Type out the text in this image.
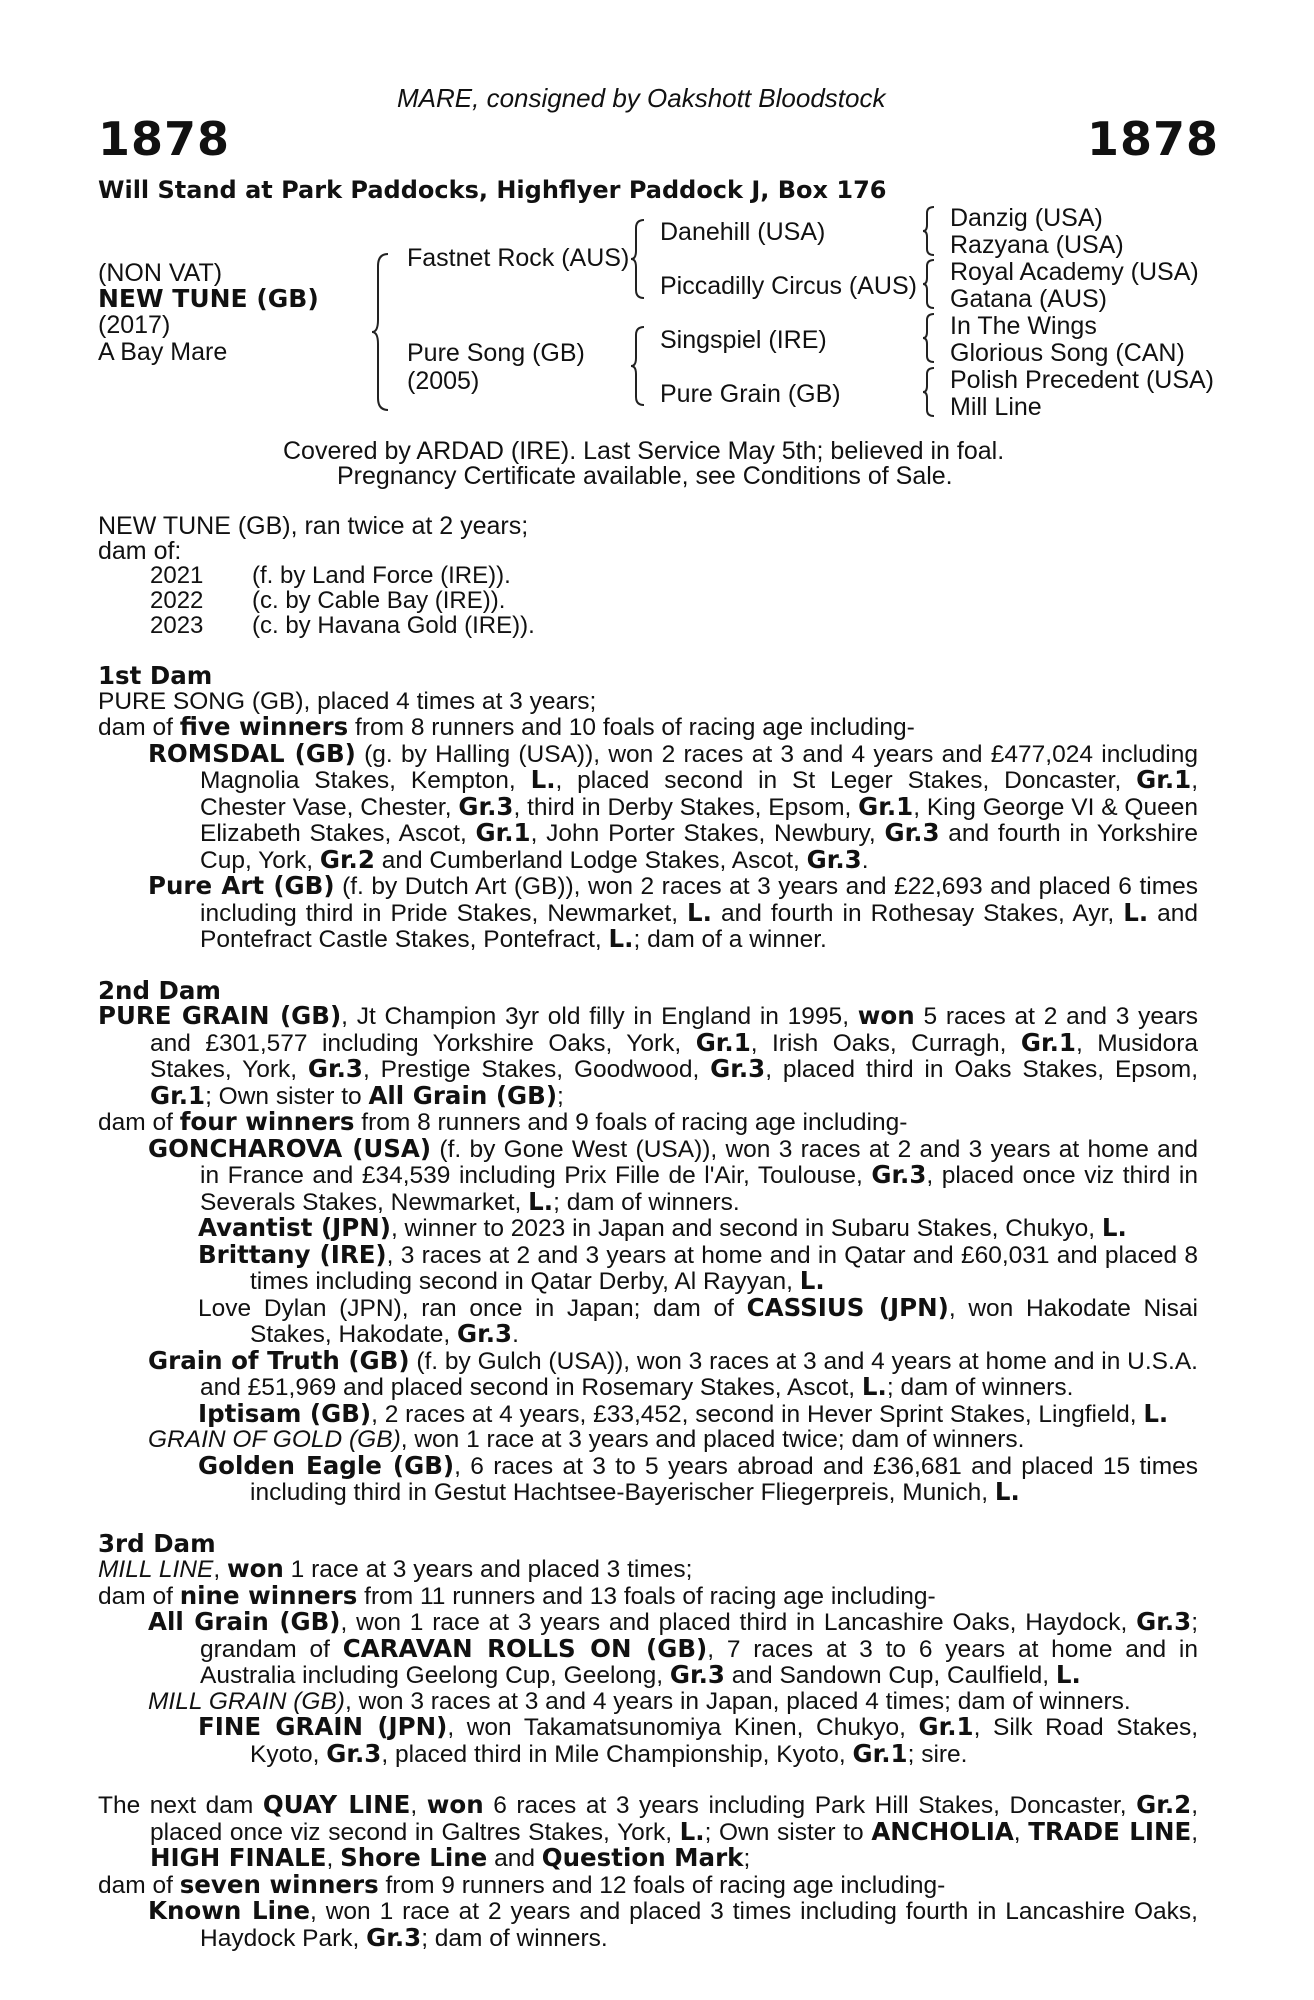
MARE, consigned by Oakshott Bloodstock
1878	1878
Will Stand at Park Paddocks, Highflyer Paddock J, Box 176
(NON VAT)
NEW TUNE (GB)
(2017)
A Bay Mare
Fastnet Rock (AUS)
Pure Song (GB)
(2005)
Danehill (USA)
Piccadilly Circus (AUS)
Singspiel (IRE)
Pure Grain (GB)
Danzig (USA)
Razyana (USA)
Royal Academy (USA)
Gatana (AUS)
In The Wings
Glorious Song (CAN)
Polish Precedent (USA)
Mill Line
Covered by ARDAD (IRE). Last Service May 5th; believed in foal.
Pregnancy Certificate available, see Conditions of Sale.
NEW TUNE (GB), ran twice at 2 years;
dam of:
2021 (f. by Land Force (IRE)).
2022 (c. by Cable Bay (IRE)).
2023 (c. by Havana Gold (IRE)).

1st Dam

PURE SONG (GB), placed 4 times at 3 years;

dam of five winners from 8 runners and 10 foals of racing age including-

ROMSDAL (GB) (g. by Halling (USA)), won 2 races at 3 and 4 years and £477,024 including Magnolia Stakes, Kempton, L., placed second in St Leger Stakes, Doncaster, Gr.1, Chester Vase, Chester, Gr.3, third in Derby Stakes, Epsom, Gr.1, King George VI & Queen Elizabeth Stakes, Ascot, Gr.1, John Porter Stakes, Newbury, Gr.3 and fourth in Yorkshire Cup, York, Gr.2 and Cumberland Lodge Stakes, Ascot, Gr.3.

Pure Art (GB) (f. by Dutch Art (GB)), won 2 races at 3 years and £22,693 and placed 6 times including third in Pride Stakes, Newmarket, L. and fourth in Rothesay Stakes, Ayr, L. and Pontefract Castle Stakes, Pontefract, L.; dam of a winner.

2nd Dam

PURE GRAIN (GB), Jt Champion 3yr old filly in England in 1995, won 5 races at 2 and 3 years and £301,577 including Yorkshire Oaks, York, Gr.1, Irish Oaks, Curragh, Gr.1, Musidora Stakes, York, Gr.3, Prestige Stakes, Goodwood, Gr.3, placed third in Oaks Stakes, Epsom, Gr.1; Own sister to All Grain (GB);

dam of four winners from 8 runners and 9 foals of racing age including-

GONCHAROVA (USA) (f. by Gone West (USA)), won 3 races at 2 and 3 years at home and in France and £34,539 including Prix Fille de l'Air, Toulouse, Gr.3, placed once viz third in Severals Stakes, Newmarket, L.; dam of winners.

Avantist (JPN), winner to 2023 in Japan and second in Subaru Stakes, Chukyo, L.

Brittany (IRE), 3 races at 2 and 3 years at home and in Qatar and £60,031 and placed 8 times including second in Qatar Derby, Al Rayyan, L.

Love Dylan (JPN), ran once in Japan; dam of CASSIUS (JPN), won Hakodate Nisai Stakes, Hakodate, Gr.3.

Grain of Truth (GB) (f. by Gulch (USA)), won 3 races at 3 and 4 years at home and in U.S.A. and £51,969 and placed second in Rosemary Stakes, Ascot, L.; dam of winners.

Iptisam (GB), 2 races at 4 years, £33,452, second in Hever Sprint Stakes, Lingfield, L.

GRAIN OF GOLD (GB), won 1 race at 3 years and placed twice; dam of winners.

Golden Eagle (GB), 6 races at 3 to 5 years abroad and £36,681 and placed 15 times including third in Gestut Hachtsee-Bayerischer Fliegerpreis, Munich, L.

3rd Dam

MILL LINE, won 1 race at 3 years and placed 3 times;

dam of nine winners from 11 runners and 13 foals of racing age including-

All Grain (GB), won 1 race at 3 years and placed third in Lancashire Oaks, Haydock, Gr.3; grandam of CARAVAN ROLLS ON (GB), 7 races at 3 to 6 years at home and in Australia including Geelong Cup, Geelong, Gr.3 and Sandown Cup, Caulfield, L.

MILL GRAIN (GB), won 3 races at 3 and 4 years in Japan, placed 4 times; dam of winners.

FINE GRAIN (JPN), won Takamatsunomiya Kinen, Chukyo, Gr.1, Silk Road Stakes, Kyoto, Gr.3, placed third in Mile Championship, Kyoto, Gr.1; sire.

The next dam QUAY LINE, won 6 races at 3 years including Park Hill Stakes, Doncaster, Gr.2, placed once viz second in Galtres Stakes, York, L.; Own sister to ANCHOLIA, TRADE LINE, HIGH FINALE, Shore Line and Question Mark;

dam of seven winners from 9 runners and 12 foals of racing age including-

Known Line, won 1 race at 2 years and placed 3 times including fourth in Lancashire Oaks, Haydock Park, Gr.3; dam of winners.
